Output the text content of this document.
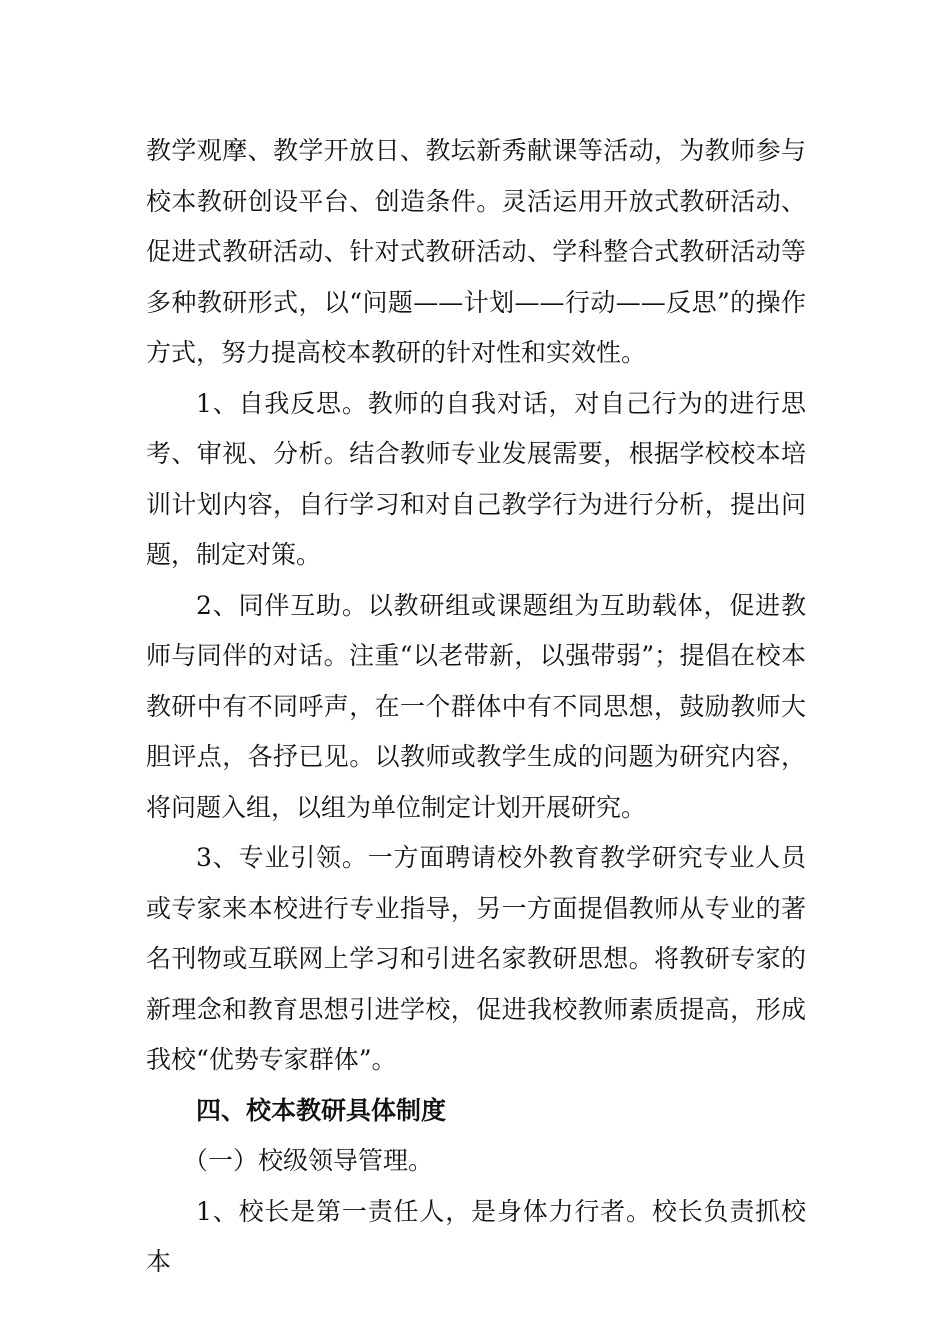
教学观摩、教学开放日、教坛新秀献课等活动，为教师参与校本教研创设平台、创造条件。灵活运用开放式教研活动、促进式教研活动、针对式教研活动、学科整合式教研活动等多种教研形式，以“问题——计划——行动——反思”的操作方式，努力提高校本教研的针对性和实效性。

1、自我反思。教师的自我对话，对自己行为的进行思考、审视、分析。结合教师专业发展需要，根据学校校本培训计划内容，自行学习和对自己教学行为进行分析，提出问题，制定对策。

2、同伴互助。以教研组或课题组为互助载体，促进教师与同伴的对话。注重“以老带新，以强带弱”；提倡在校本教研中有不同呼声，在一个群体中有不同思想，鼓励教师大胆评点，各抒已见。以教师或教学生成的问题为研究内容，将问题入组，以组为单位制定计划开展研究。

3、专业引领。一方面聘请校外教育教学研究专业人员或专家来本校进行专业指导，另一方面提倡教师从专业的著名刊物或互联网上学习和引进名家教研思想。将教研专家的新理念和教育思想引进学校，促进我校教师素质提高，形成我校“优势专家群体”。

四、校本教研具体制度

（一）校级领导管理。

1、校长是第一责任人，是身体力行者。校长负责抓校本
